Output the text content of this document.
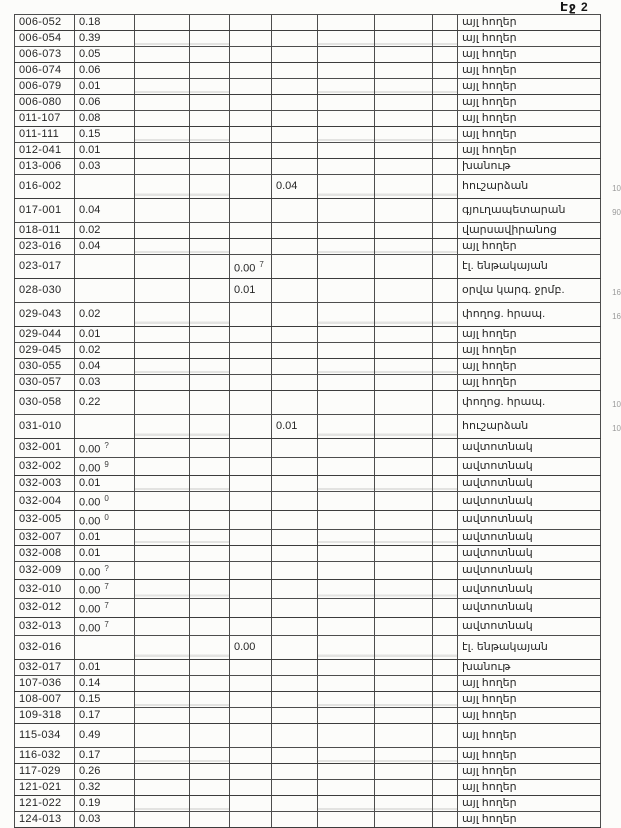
Էջ 2
006-052	0.18								այլ հողեր
006-054	0.39								այլ հողեր
006-073	0.05								այլ հողեր
006-074	0.06								այլ հողեր
006-079	0.01								այլ հողեր
006-080	0.06								այլ հողեր
011-107	0.08								այլ հողեր
011-111	0.15								այլ հողեր
012-041	0.01								այլ հողեր
013-006	0.03								խանութ
016-002					0.04				հուշարձան 10

017-001	0.04								գյուղապետարան 90

018-011	0.02								վարսավիրանոց
023-016	0.04								այլ հողեր
023-017				0.00 $^7$					էլ. ենթակայան
028-030				0.01					օրվա կարգ. ջրմբ. 16

029-043	0.02								փողոց. հրապ. 16

029-044	0.01								այլ հողեր
029-045	0.02								այլ հողեր
030-055	0.04								այլ հողեր
030-057	0.03								այլ հողեր
030-058	0.22								փողոց. հրապ. 10

031-010					0.01				հուշարձան 10

032-001	0.00 ?								ավտոտնակ
032-002	0.00 $^9$								ավտոտնակ
032-003	0.01								ավտոտնակ
032-004	0.00 $^0$								ավտոտնակ
032-005	0.00 $^0$								ավտոտնակ
032-007	0.01								ավտոտնակ
032-008	0.01								ավտոտնակ
032-009	0.00 ?								ավտոտնակ
032-010	0.00 $^7$								ավտոտնակ
032-012	0.00 $^7$								ավտոտնակ
032-013	0.00 $^7$								ավտոտնակ
032-016				0.00					էլ. ենթակայան
032-017	0.01								խանութ
107-036	0.14								այլ հողեր
108-007	0.15								այլ հողեր
109-318	0.17								այլ հողեր
115-034	0.49								այլ հողեր
116-032	0.17								այլ հողեր
117-029	0.26								այլ հողեր
121-021	0.32								այլ հողեր
121-022	0.19								այլ հողեր
124-013	0.03								այլ հողեր
